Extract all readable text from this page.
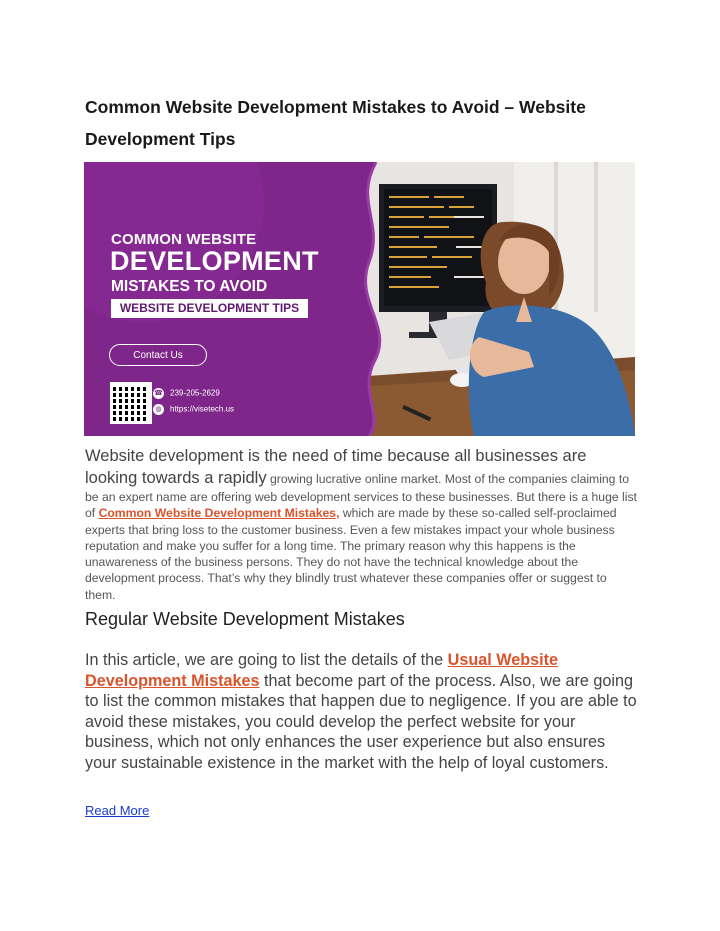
Common Website Development Mistakes to Avoid – Website Development Tips
COMMON WEBSITE
DEVELOPMENT
MISTAKES TO AVOID
WEBSITE DEVELOPMENT TIPS
Contact Us
☎ 239-205-2629
◍ https://visetech.us
Website development is the need of time because all businesses are looking towards a rapidly growing lucrative online market. Most of the companies claiming to be an expert name are offering web development services to these businesses. But there is a huge list of Common Website Development Mistakes, which are made by these so-called self-proclaimed experts that bring loss to the customer business. Even a few mistakes impact your whole business reputation and make you suffer for a long time. The primary reason why this happens is the unawareness of the business persons. They do not have the technical knowledge about the development process. That’s why they blindly trust whatever these companies offer or suggest to them.
Regular Website Development Mistakes
In this article, we are going to list the details of the Usual Website Development Mistakes that become part of the process. Also, we are going to list the common mistakes that happen due to negligence. If you are able to avoid these mistakes, you could develop the perfect website for your business, which not only enhances the user experience but also ensures your sustainable existence in the market with the help of loyal customers.
Read More
